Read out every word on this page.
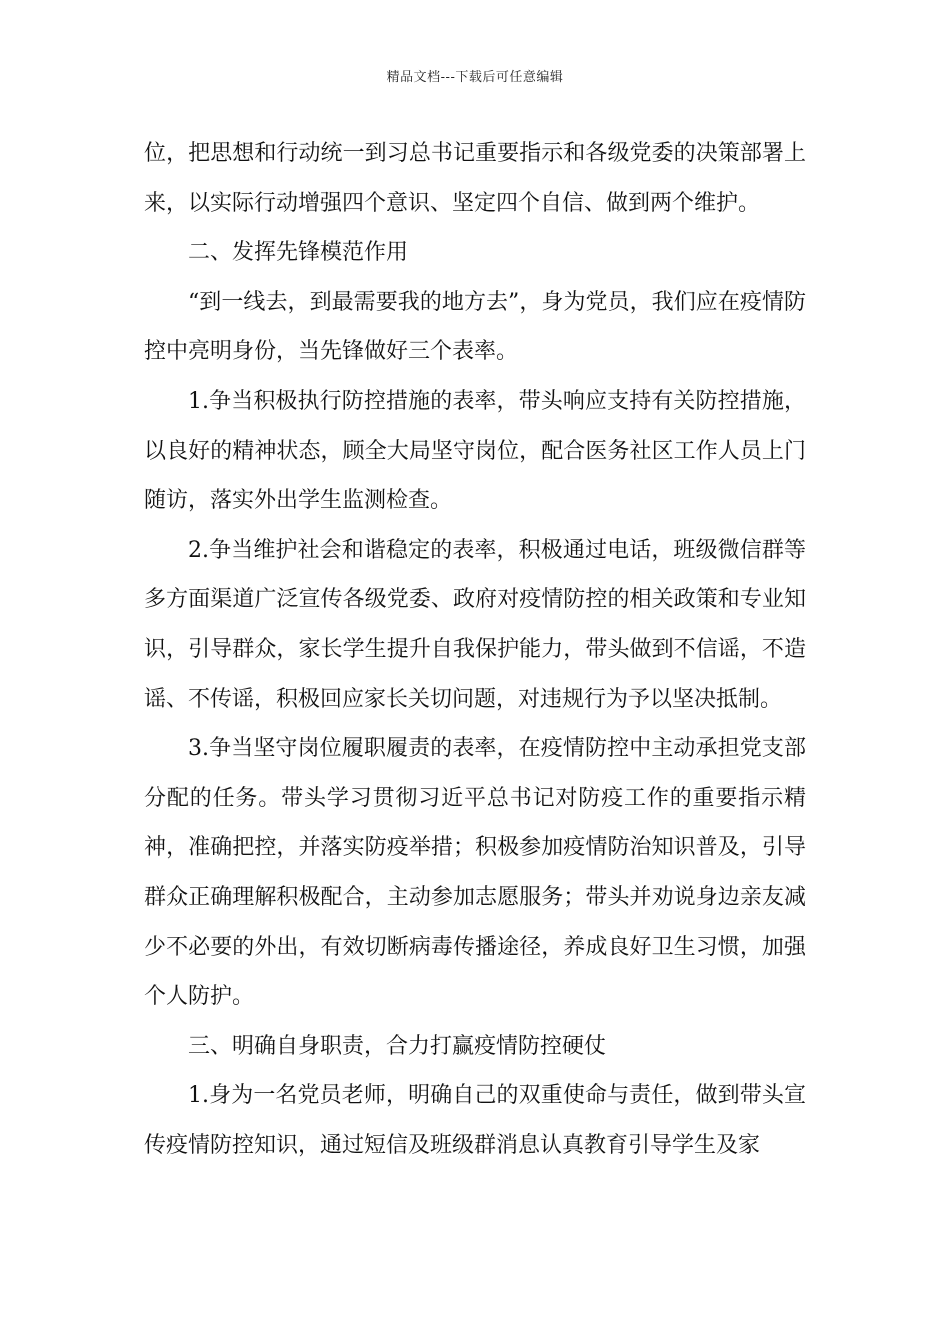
精品文档---下载后可任意编辑

位，把思想和行动统一到习总书记重要指示和各级党委的决策部署上来，以实际行动增强四个意识、坚定四个自信、做到两个维护。

二、发挥先锋模范作用

“到一线去，到最需要我的地方去”，身为党员，我们应在疫情防控中亮明身份，当先锋做好三个表率。

1.争当积极执行防控措施的表率，带头响应支持有关防控措施，以良好的精神状态，顾全大局坚守岗位，配合医务社区工作人员上门随访，落实外出学生监测检查。

2.争当维护社会和谐稳定的表率，积极通过电话，班级微信群等多方面渠道广泛宣传各级党委、政府对疫情防控的相关政策和专业知识，引导群众，家长学生提升自我保护能力，带头做到不信谣，不造谣、不传谣，积极回应家长关切问题，对违规行为予以坚决抵制。

3.争当坚守岗位履职履责的表率，在疫情防控中主动承担党支部分配的任务。带头学习贯彻习近平总书记对防疫工作的重要指示精神，准确把控，并落实防疫举措；积极参加疫情防治知识普及，引导群众正确理解积极配合，主动参加志愿服务；带头并劝说身边亲友减少不必要的外出，有效切断病毒传播途径，养成良好卫生习惯，加强个人防护。

三、明确自身职责，合力打赢疫情防控硬仗

1.身为一名党员老师，明确自己的双重使命与责任，做到带头宣传疫情防控知识，通过短信及班级群消息认真教育引导学生及家
